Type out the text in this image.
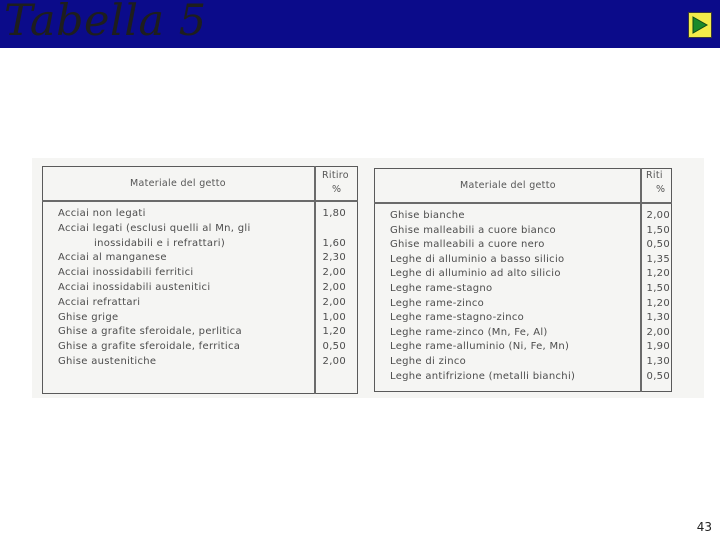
Tabella 5
Materiale del getto
Ritiro
%
Acciai non legati	1,80
Acciai legati (esclusi quelli al Mn, gli
inossidabili e i refrattari)	1,60
Acciai al manganese	2,30
Acciai inossidabili ferritici	2,00
Acciai inossidabili austenitici	2,00
Acciai refrattari	2,00
Ghise grige	1,00
Ghise a grafite sferoidale, perlitica	1,20
Ghise a grafite sferoidale, ferritica	0,50
Ghise austenitiche	2,00
Materiale del getto
Riti
%
Ghise bianche	2,00
Ghise malleabili a cuore bianco	1,50
Ghise malleabili a cuore nero	0,50
Leghe di alluminio a basso silicio	1,35
Leghe di alluminio ad alto silicio	1,20
Leghe rame-stagno	1,50
Leghe rame-zinco	1,20
Leghe rame-stagno-zinco	1,30
Leghe rame-zinco (Mn, Fe, Al)	2,00
Leghe rame-alluminio (Ni, Fe, Mn)	1,90
Leghe di zinco	1,30
Leghe antifrizione (metalli bianchi)	0,50
43
